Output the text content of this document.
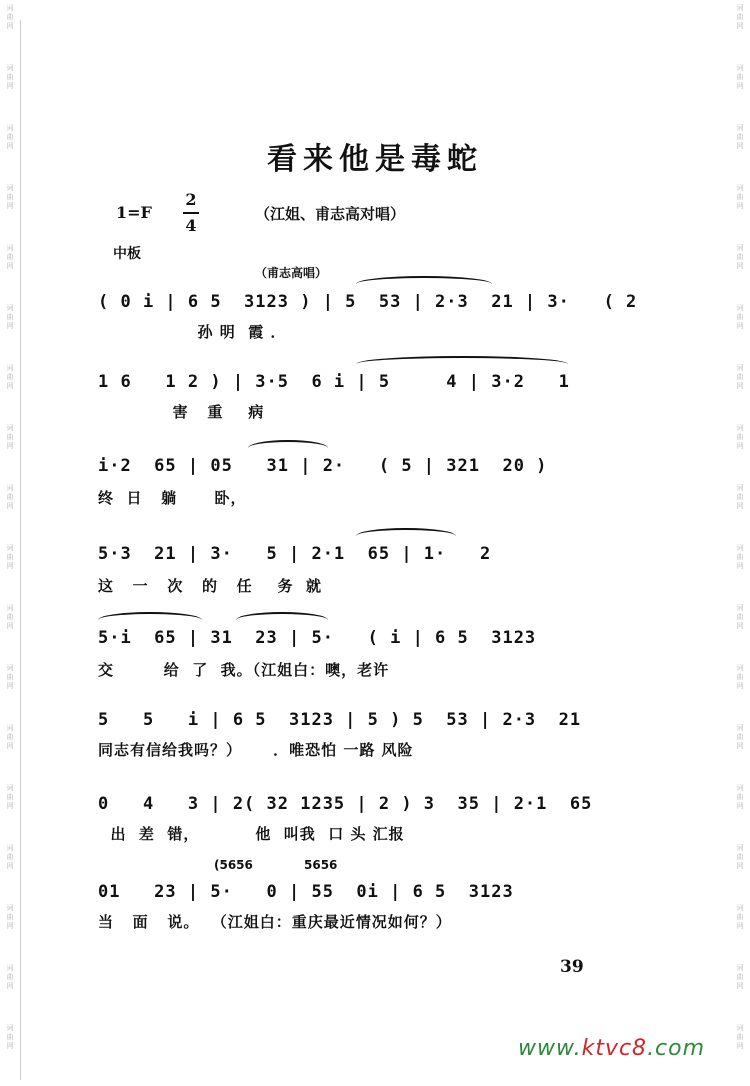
词曲网
词曲网
词曲网
词曲网
词曲网
词曲网
词曲网
词曲网
词曲网
词曲网
词曲网
词曲网
词曲网
词曲网
词曲网
词曲网
词曲网
词曲网
词曲网
词曲网
词曲网
词曲网
词曲网
词曲网
词曲网
词曲网
词曲网
词曲网
词曲网
词曲网
词曲网
词曲网
词曲网
词曲网
词曲网
词曲网
看来他是毒蛇
1=F
2
4
（江姐、甫志高对唱）
中板
（甫志高唱）
( 0 i | 6 5  3123 ) | 5  53 | 2·3  21 | 3·   ( 2
孙 明  霞 ．
1 6   1 2 ) | 3·5  6 i | 5     4 | 3·2   1
害   重    病
i·2  65 | 05   31 | 2·   ( 5 | 321  20 )
终  日   躺      卧，
5·3  21 | 3·   5 | 2·1  65 | 1·   2
这   一   次   的   任    务  就
5·i  65 | 31  23 | 5·   ( i | 6 5  3123
交        给  了  我。（江姐白：噢，老许
5   5   i | 6 5  3123 | 5 ) 5  53 | 2·3  21
同志有信给我吗？）     ．唯恐怕 一路 风险
0   4   3 | 2( 32 1235 | 2 ) 3  35 | 2·1  65
出  差  错，         他  叫我  口 头 汇报
(5656	5656
01   23 | 5·   0 | 55  0i | 6 5  3123
当   面   说。  （江姐白：重庆最近情况如何？）
39
www.ktvc8.com
